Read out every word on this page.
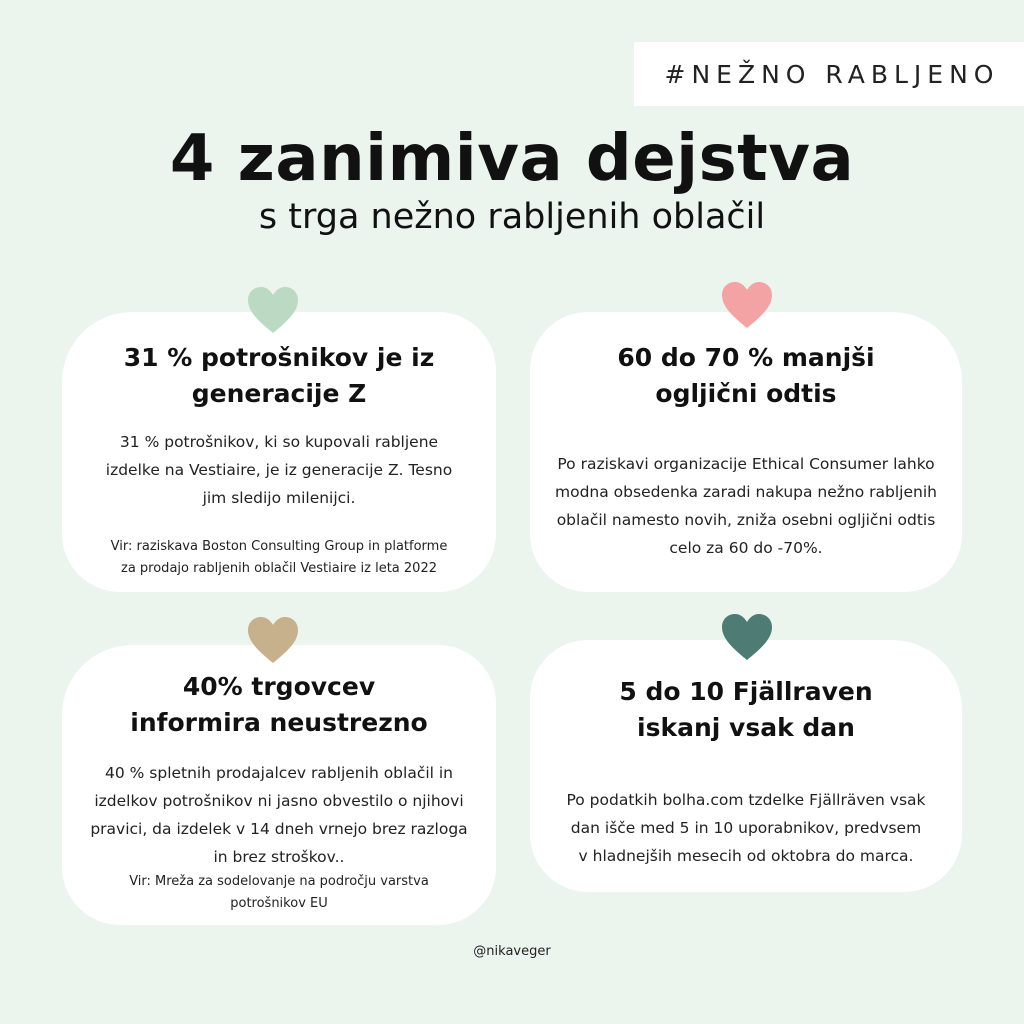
#NEŽNO RABLJENO
4 zanimiva dejstva
s trga nežno rabljenih oblačil
31 % potrošnikov je iz
generacije Z

31 % potrošnikov, ki so kupovali rabljene
izdelke na Vestiaire, je iz generacije Z. Tesno
jim sledijo milenijci.

Vir: raziskava Boston Consulting Group in platforme
za prodajo rabljenih oblačil Vestiaire iz leta 2022
60 do 70 % manjši
ogljični odtis

Po raziskavi organizacije Ethical Consumer lahko
modna obsedenka zaradi nakupa nežno rabljenih
oblačil namesto novih, zniža osebni ogljični odtis
celo za 60 do -70%.

40% trgovcev
informira neustrezno

40 % spletnih prodajalcev rabljenih oblačil in
izdelkov potrošnikov ni jasno obvestilo o njihovi
pravici, da izdelek v 14 dneh vrnejo brez razloga
in brez stroškov..

Vir: Mreža za sodelovanje na področju varstva
potrošnikov EU
5 do 10 Fjällraven
iskanj vsak dan

Po podatkih bolha.com tzdelke Fjällräven vsak
dan išče med 5 in 10 uporabnikov, predvsem
v hladnejših mesecih od oktobra do marca.

@nikaveger
